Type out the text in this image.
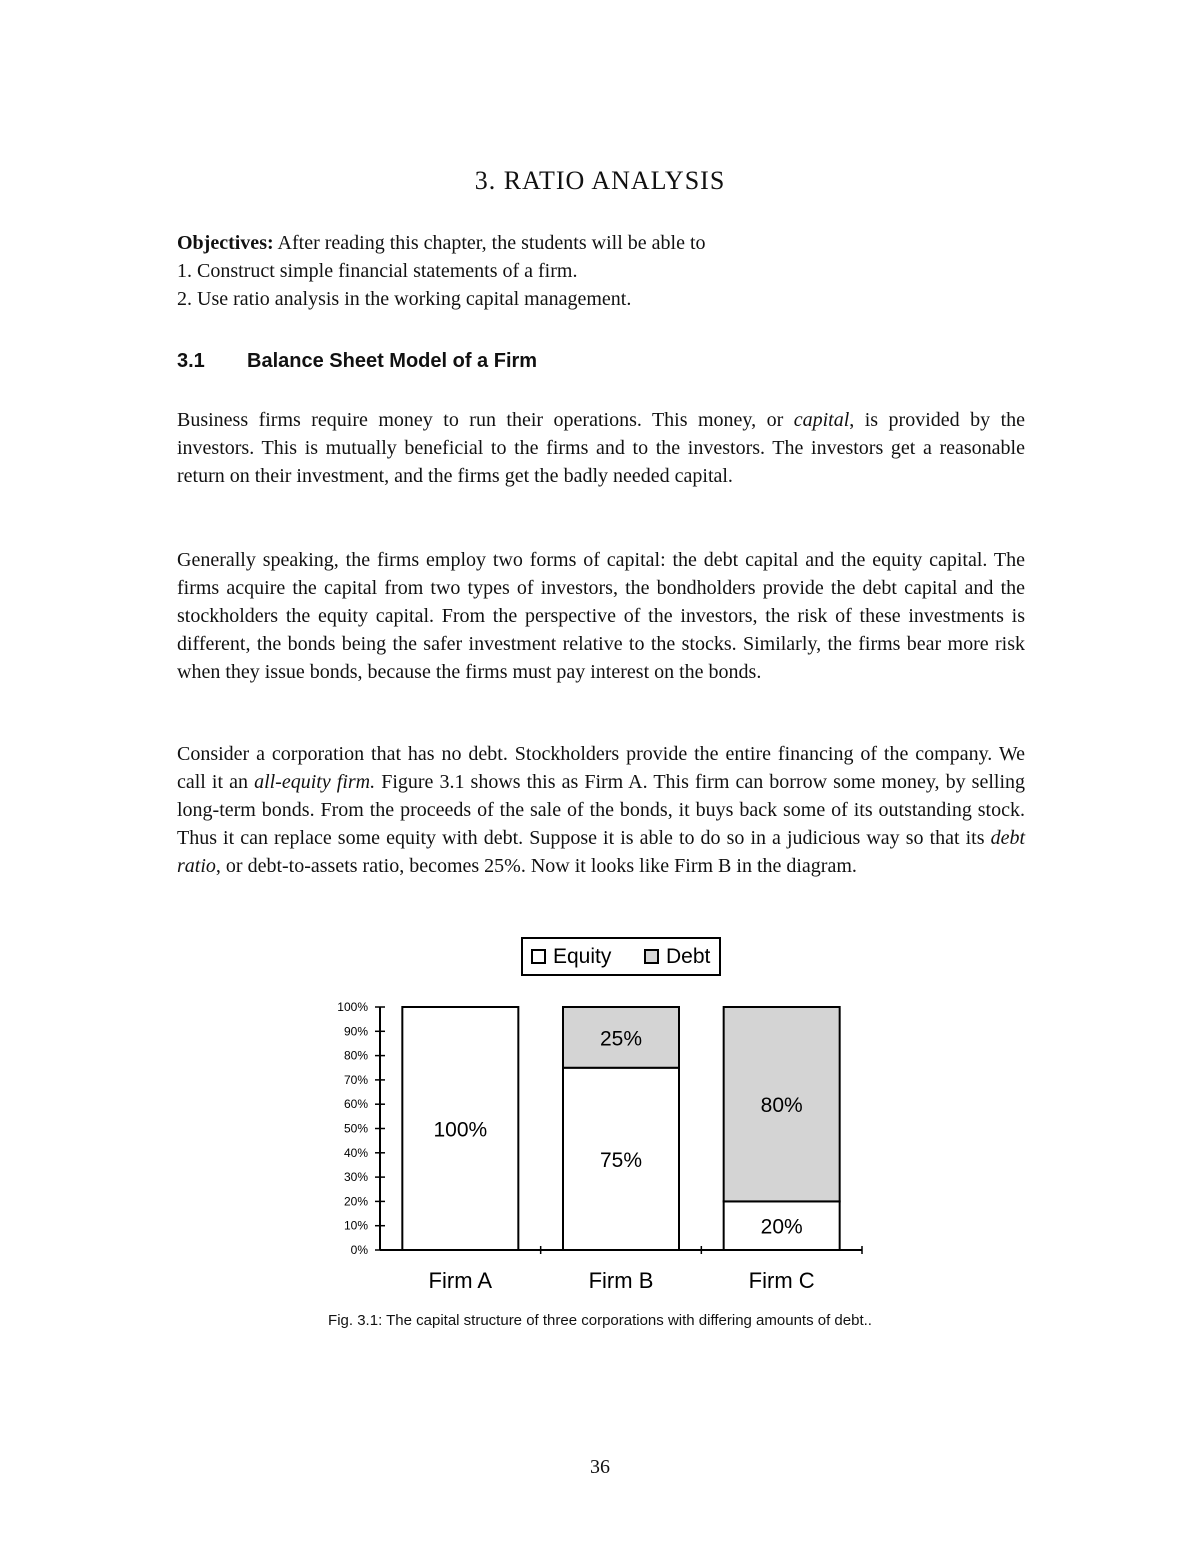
3. RATIO ANALYSIS
Objectives: After reading this chapter, the students will be able to
1. Construct simple financial statements of a firm.
2. Use ratio analysis in the working capital management.
3.1 Balance Sheet Model of a Firm
Business firms require money to run their operations. This money, or capital, is provided by the investors. This is mutually beneficial to the firms and to the investors. The investors get a reasonable return on their investment, and the firms get the badly needed capital.
Generally speaking, the firms employ two forms of capital: the debt capital and the equity capital. The firms acquire the capital from two types of investors, the bondholders provide the debt capital and the stockholders the equity capital. From the perspective of the investors, the risk of these investments is different, the bonds being the safer investment relative to the stocks. Similarly, the firms bear more risk when they issue bonds, because the firms must pay interest on the bonds.
Consider a corporation that has no debt. Stockholders provide the entire financing of the company. We call it an all-equity firm. Figure 3.1 shows this as Firm A. This firm can borrow some money, by selling long-term bonds. From the proceeds of the sale of the bonds, it buys back some of its outstanding stock. Thus it can replace some equity with debt. Suppose it is able to do so in a judicious way so that its debt ratio, or debt-to-assets ratio, becomes 25%. Now it looks like Firm B in the diagram.
Equity	Debt
0%
10%
20%
30%
40%
50%
60%
70%
80%
90%
100%
100%
Firm A
75%
25%
Firm B
20%
80%
Firm C
Fig. 3.1: The capital structure of three corporations with differing amounts of debt..
36
